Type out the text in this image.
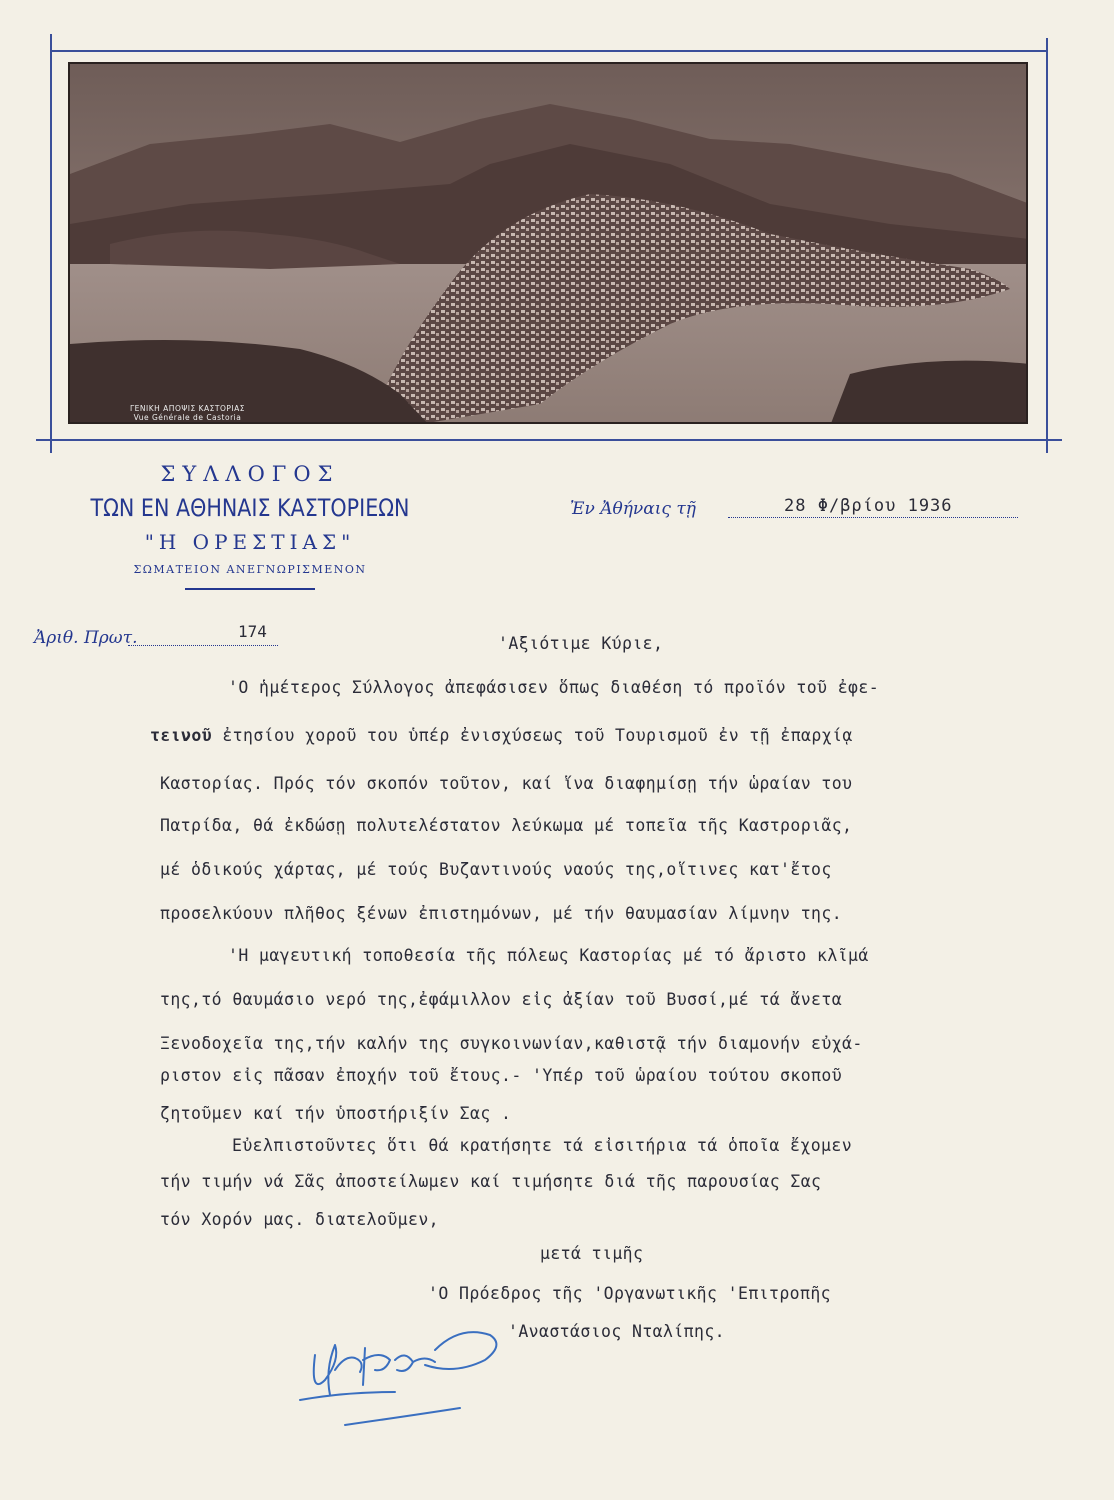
ΓΕΝΙΚΗ ΑΠΟΨΙΣ ΚΑΣΤΟΡΙΑΣ
Vue Générale de Castoria
ΣΥΛΛΟΓΟΣ
ΤΩΝ ΕΝ ΑΘΗΝΑΙΣ ΚΑΣΤΟΡΙΕΩΝ
"Η ΟΡΕΣΤΙΑΣ"
ΣΩΜΑΤΕΙΟΝ ΑΝΕΓΝΩΡΙΣΜΕΝΟΝ
Ἐν Ἀθήναις τῇ	28 Φ/βρίου 1936
Ἀριθ. Πρωτ.	174
'Αξιότιμε Κύριε,
'Ο ἡμέτερος Σύλλογος ἀπεφάσισεν ὅπως διαθέση τό προϊόν τοῦ ἐφε-
τεινοῦ ἐτησίου χοροῦ του ὑπέρ ἐνισχύσεως τοῦ Τουρισμοῦ ἐν τῇ ἐπαρχίᾳ
Καστορίας. Πρός τόν σκοπόν τοῦτον, καί ἵνα διαφημίσῃ τήν ὡραίαν του
Πατρίδα, θά ἐκδώσῃ πολυτελέστατον λεύκωμα μέ τοπεῖα τῆς Καστροριᾶς,
μέ ὁδικούς χάρτας, μέ τούς Βυζαντινούς ναούς της,οἵτινες κατ'ἔτος
προσελκύουν πλῆθος ξένων ἐπιστημόνων, μέ τήν θαυμασίαν λίμνην της.
'Η μαγευτική τοποθεσία τῆς πόλεως Καστορίας μέ τό ἄριστο κλῖμά
της,τό θαυμάσιο νερό της,ἐφάμιλλον εἰς ἀξίαν τοῦ Βυσσί,μέ τά ἄνετα
Ξενοδοχεῖα της,τήν καλήν της συγκοινωνίαν,καθιστᾷ τήν διαμονήν εὐχά-
ριστον εἰς πᾶσαν ἐποχήν τοῦ ἔτους.- 'Υπέρ τοῦ ὡραίου τούτου σκοποῦ
ζητοῦμεν καί τήν ὑποστήριξίν Σας .
Εὐελπιστοῦντες ὅτι θά κρατήσητε τά εἰσιτήρια τά ὁποῖα ἔχομεν
τήν τιμήν νά Σᾶς ἀποστείλωμεν καί τιμήσητε διά τῆς παρουσίας Σας
τόν Χορόν μας. διατελοῦμεν,
μετά τιμῆς
'Ο Πρόεδρος τῆς 'Οργανωτικῆς 'Επιτροπῆς
'Αναστάσιος Νταλίπης.
